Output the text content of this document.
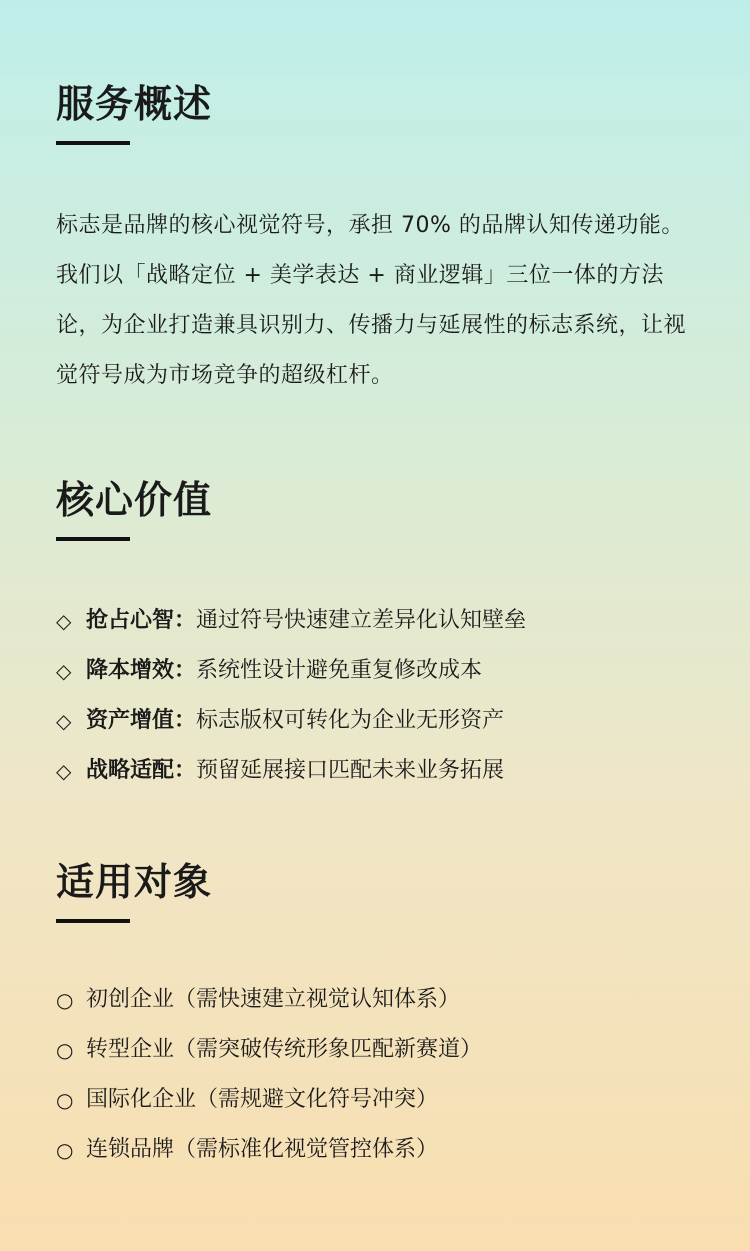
服务概述

标志是品牌的核心视觉符号，承担 70% 的品牌认知传递功能。我们以「战略定位 + 美学表达 + 商业逻辑」三位一体的方法论，为企业打造兼具识别力、传播力与延展性的标志系统，让视觉符号成为市场竞争的超级杠杆。

核心价值
◇ 抢占心智： 通过符号快速建立差异化认知壁垒
◇ 降本增效： 系统性设计避免重复修改成本
◇ 资产增值： 标志版权可转化为企业无形资产
◇ 战略适配： 预留延展接口匹配未来业务拓展
适用对象
○ 初创企业（需快速建立视觉认知体系）
○ 转型企业（需突破传统形象匹配新赛道）
○ 国际化企业（需规避文化符号冲突）
○ 连锁品牌（需标准化视觉管控体系）
